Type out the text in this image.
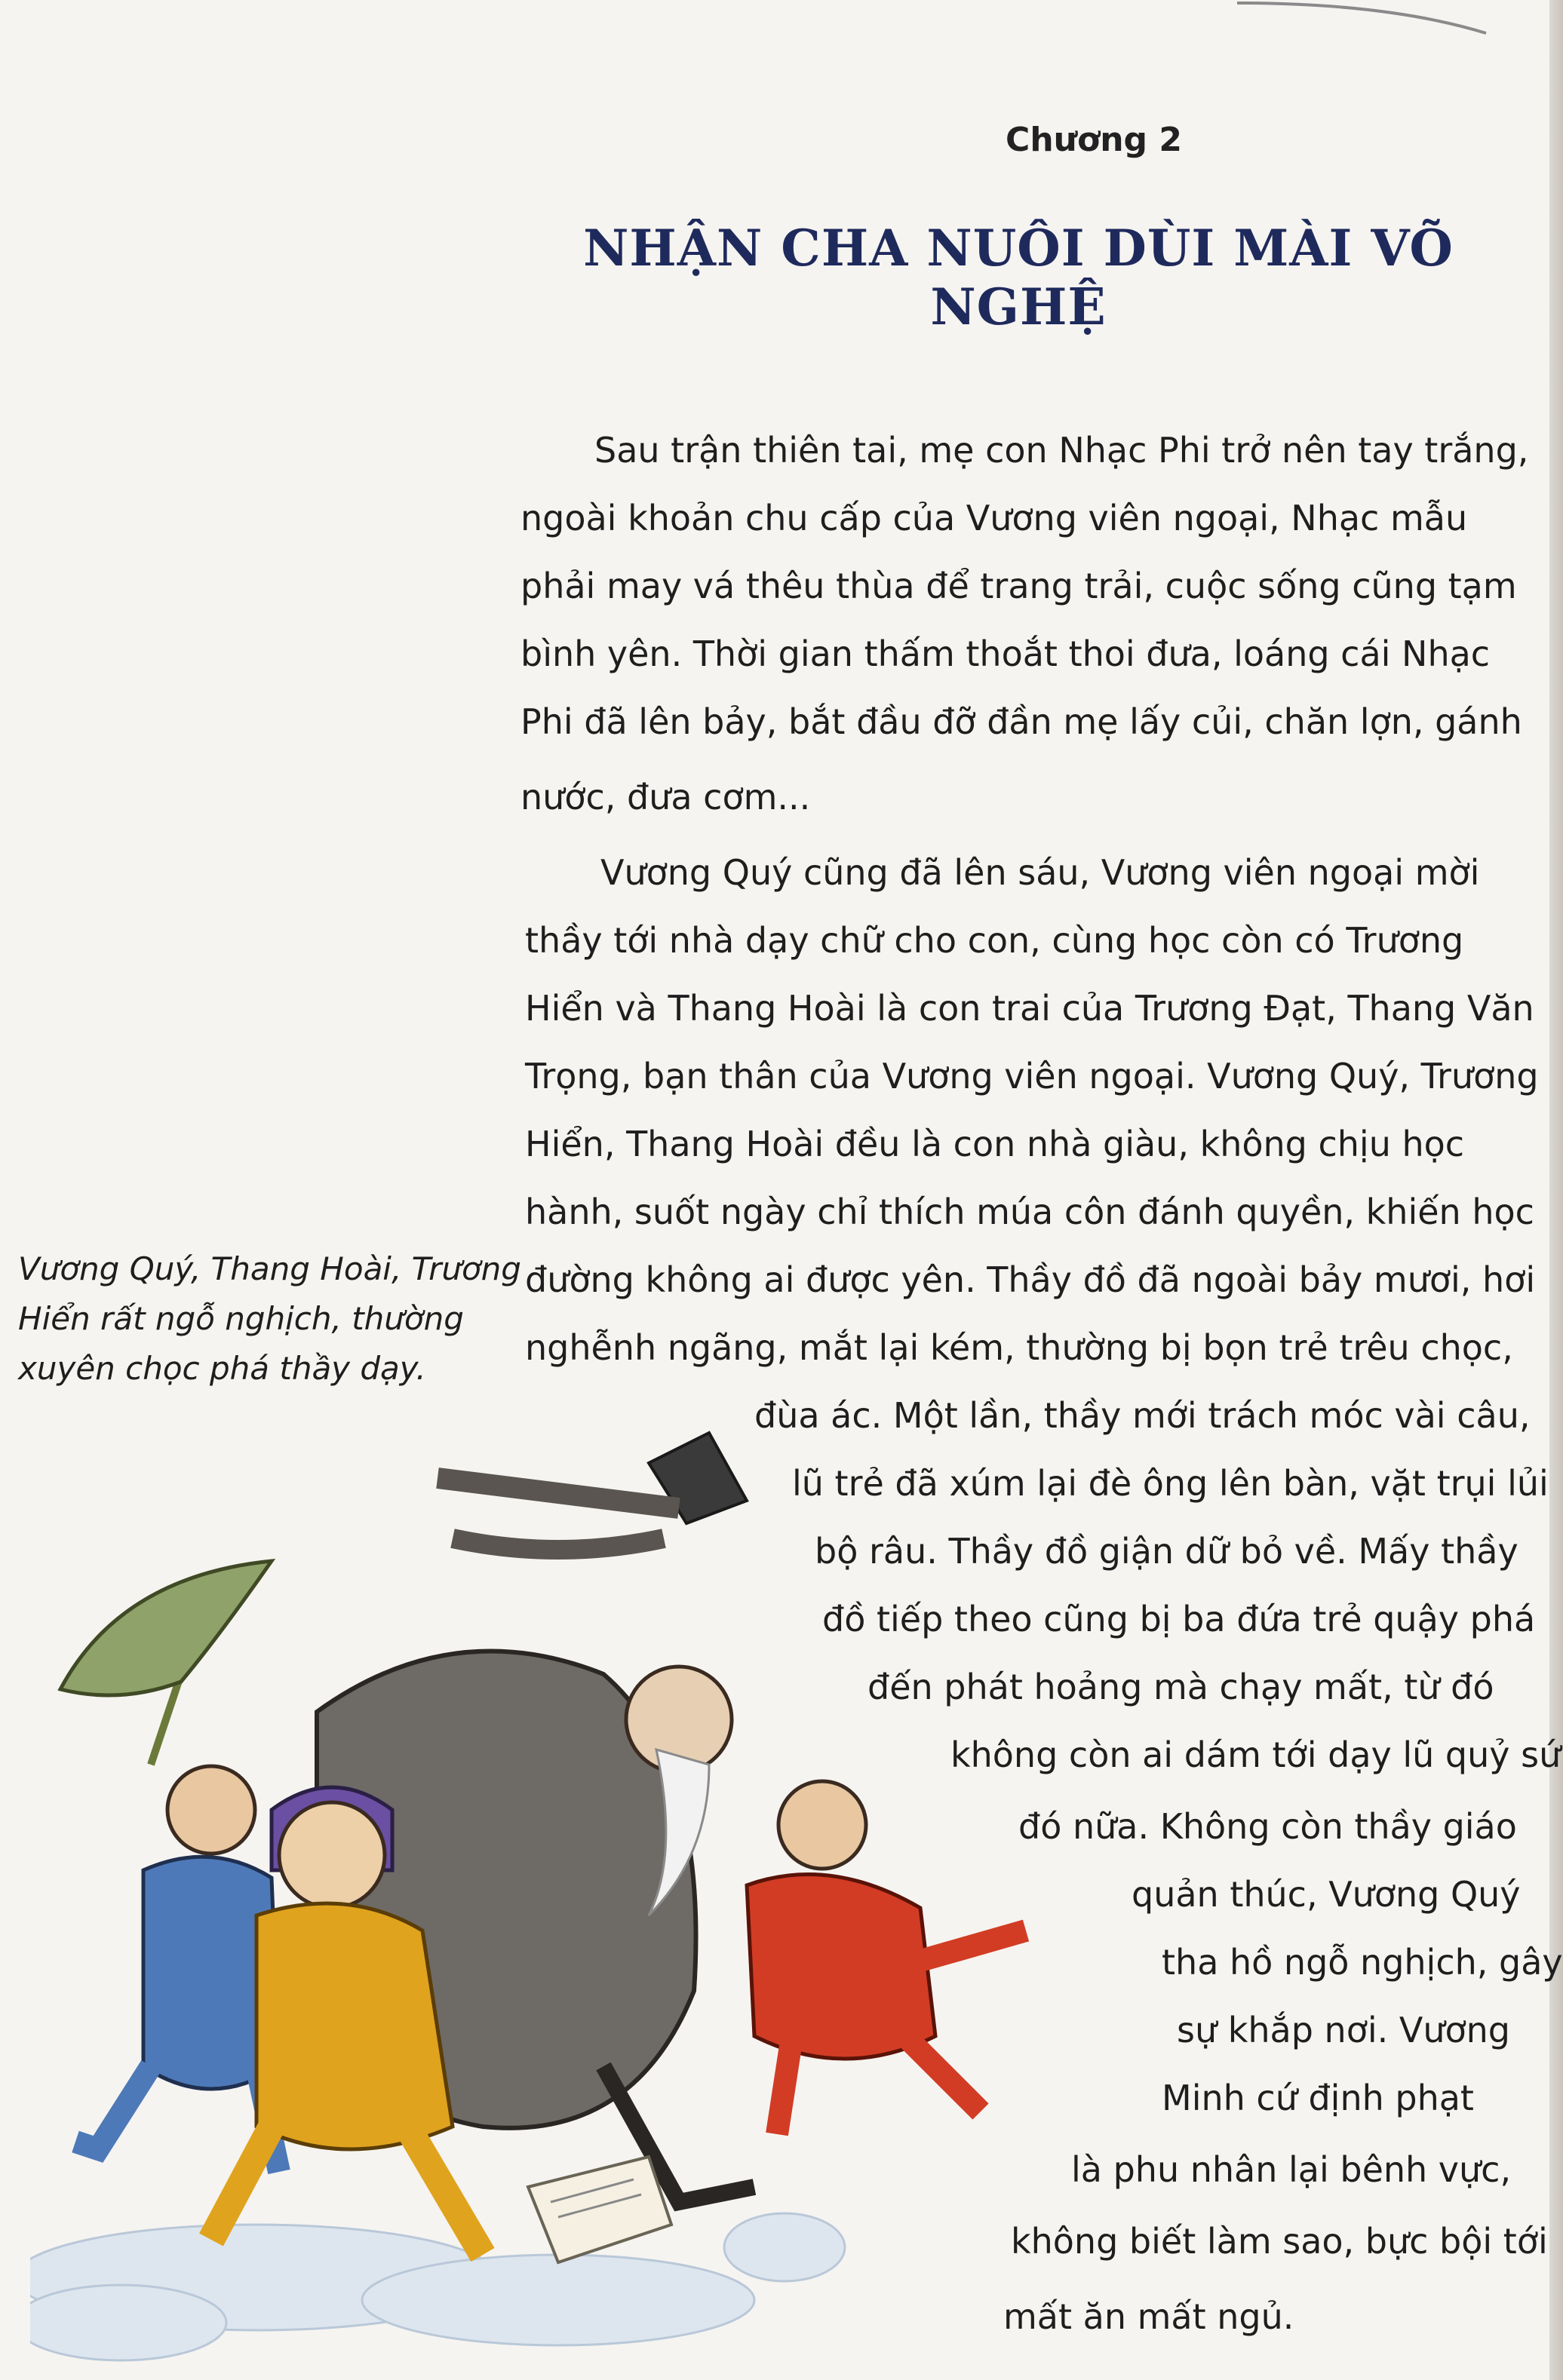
Chương 2
NHẬN CHA NUÔI DÙI MÀI VÕ NGHỆ
Sau trận thiên tai, mẹ con Nhạc Phi trở nên tay trắng,
ngoài khoản chu cấp của Vương viên ngoại, Nhạc mẫu
phải may vá thêu thùa để trang trải, cuộc sống cũng tạm
bình yên. Thời gian thấm thoắt thoi đưa, loáng cái Nhạc
Phi đã lên bảy, bắt đầu đỡ đần mẹ lấy củi, chăn lợn, gánh
nước, đưa cơm...
Vương Quý cũng đã lên sáu, Vương viên ngoại mời
thầy tới nhà dạy chữ cho con, cùng học còn có Trương
Hiển và Thang Hoài là con trai của Trương Đạt, Thang Văn
Trọng, bạn thân của Vương viên ngoại. Vương Quý, Trương
Hiển, Thang Hoài đều là con nhà giàu, không chịu học
hành, suốt ngày chỉ thích múa côn đánh quyền, khiến học
đường không ai được yên. Thầy đồ đã ngoài bảy mươi, hơi
nghễnh ngãng, mắt lại kém, thường bị bọn trẻ trêu chọc,
đùa ác. Một lần, thầy mới trách móc vài câu,
lũ trẻ đã xúm lại đè ông lên bàn, vặt trụi lủi
bộ râu. Thầy đồ giận dữ bỏ về. Mấy thầy
đồ tiếp theo cũng bị ba đứa trẻ quậy phá
đến phát hoảng mà chạy mất, từ đó
không còn ai dám tới dạy lũ quỷ sứ
đó nữa. Không còn thầy giáo
quản thúc, Vương Quý
tha hồ ngỗ nghịch, gây
sự khắp nơi. Vương
Minh cứ định phạt
là phu nhân lại bênh vực,
không biết làm sao, bực bội tới
mất ăn mất ngủ.
Vương Quý, Thang Hoài, Trương
Hiển rất ngỗ nghịch, thường
xuyên chọc phá thầy dạy.
